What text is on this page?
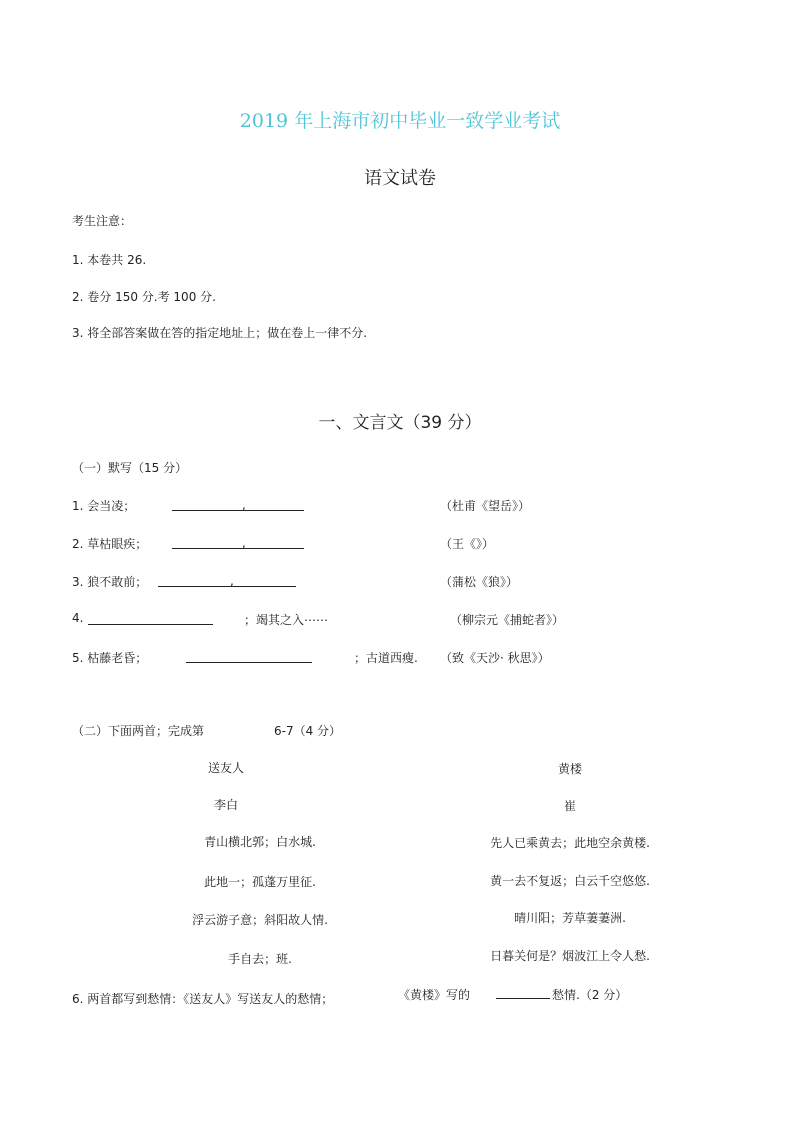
2019 年上海市初中毕业一致学业考试
语文试卷
考生注意：
1. 本卷共 26.
2. 卷分 150 分.考 100 分.
3. 将全部答案做在答的指定地址上；做在卷上一律不分.
一、文言文（39 分）
（一）默写（15 分）
1. 会当凌；	,	（杜甫《望岳》）
2. 草枯眼疾；	,	（王《》）
3. 狼不敢前；	,	（蒲松《狼》）
4.	；竭其之入⋯⋯	（柳宗元《捕蛇者》）
5. 枯藤老昏；	；古道西瘦. （致《天沙· 秋思》）
（二）下面两首；完成第	6-7（4 分）
送友人
李白
青山横北郭；白水城.
此地一；孤蓬万里征.
浮云游子意；斜阳故人情.
手自去；班.
黄楼
崔
先人已乘黄去；此地空余黄楼.
黄一去不复返；白云千空悠悠.
晴川阳；芳草萋萋洲.
日暮关何是？烟波江上令人愁.
6. 两首都写到愁情：《送友人》写送友人的愁情；	《黄楼》写的	愁情.（2 分）
